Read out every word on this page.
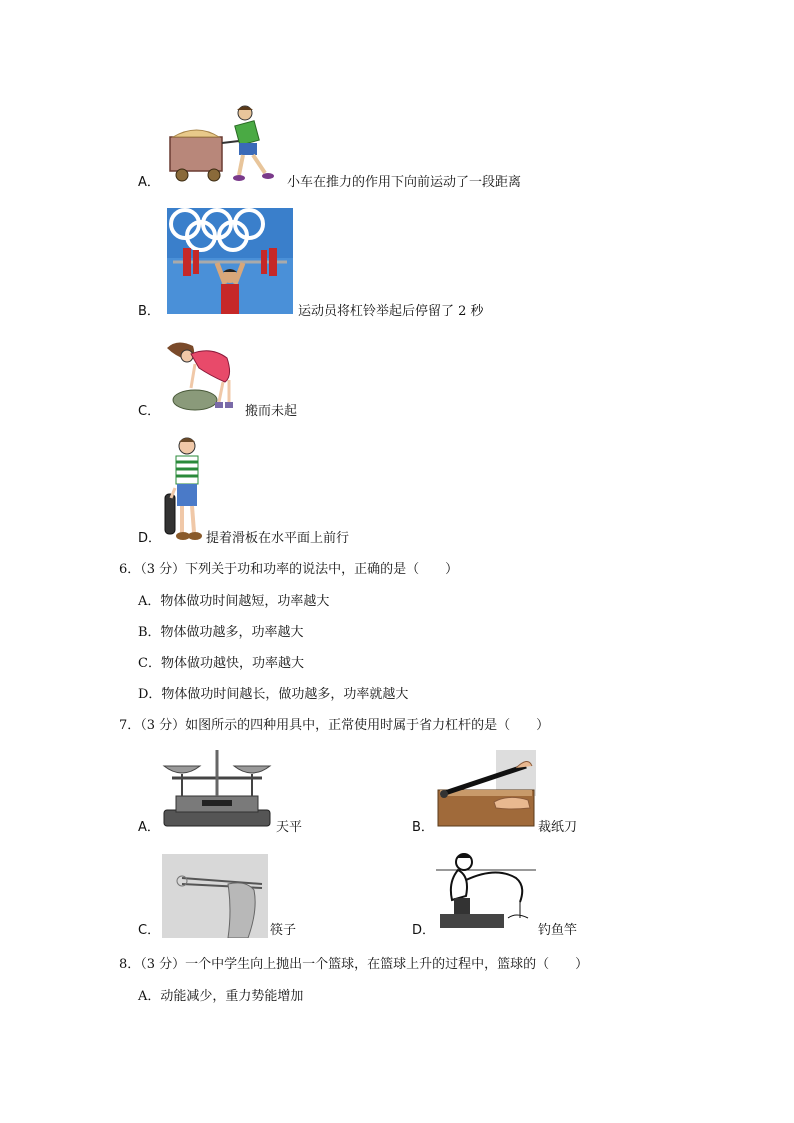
A．	小车在推力的作用下向前运动了一段距离
B．	运动员将杠铃举起后停留了 2 秒
C．	搬而未起
D．	提着滑板在水平面上前行
6．（3 分）下列关于功和功率的说法中，正确的是（　　）
A．物体做功时间越短，功率越大
B．物体做功越多，功率越大
C．物体做功越快，功率越大
D．物体做功时间越长，做功越多，功率就越大
7．（3 分）如图所示的四种用具中，正常使用时属于省力杠杆的是（　　）
A．	天平	B．	裁纸刀
C．	筷子	D．	钓鱼竿
8．（3 分）一个中学生向上抛出一个篮球，在篮球上升的过程中，篮球的（　　）
A．动能减少，重力势能增加
